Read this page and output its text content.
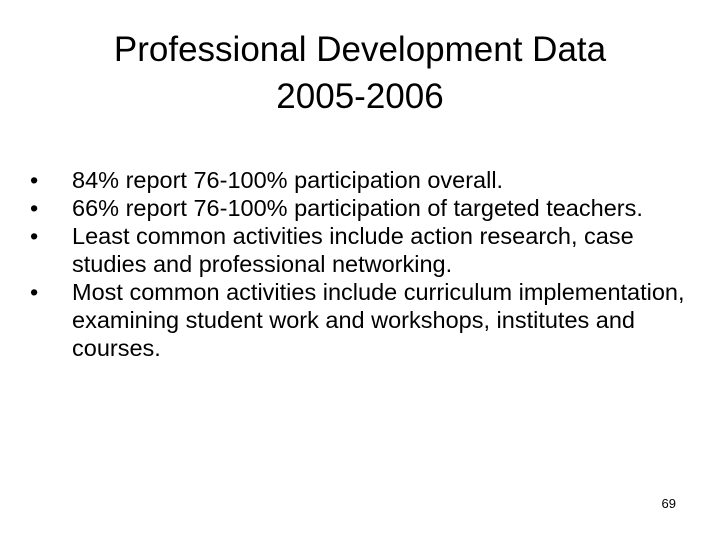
Professional Development Data
2005-2006
•	84% report 76-100% participation overall.
•	66% report 76-100% participation of targeted teachers.
•	Least common activities include action research, case studies and professional networking.
•	Most common activities include curriculum implementation, examining student work and workshops, institutes and courses.
69
